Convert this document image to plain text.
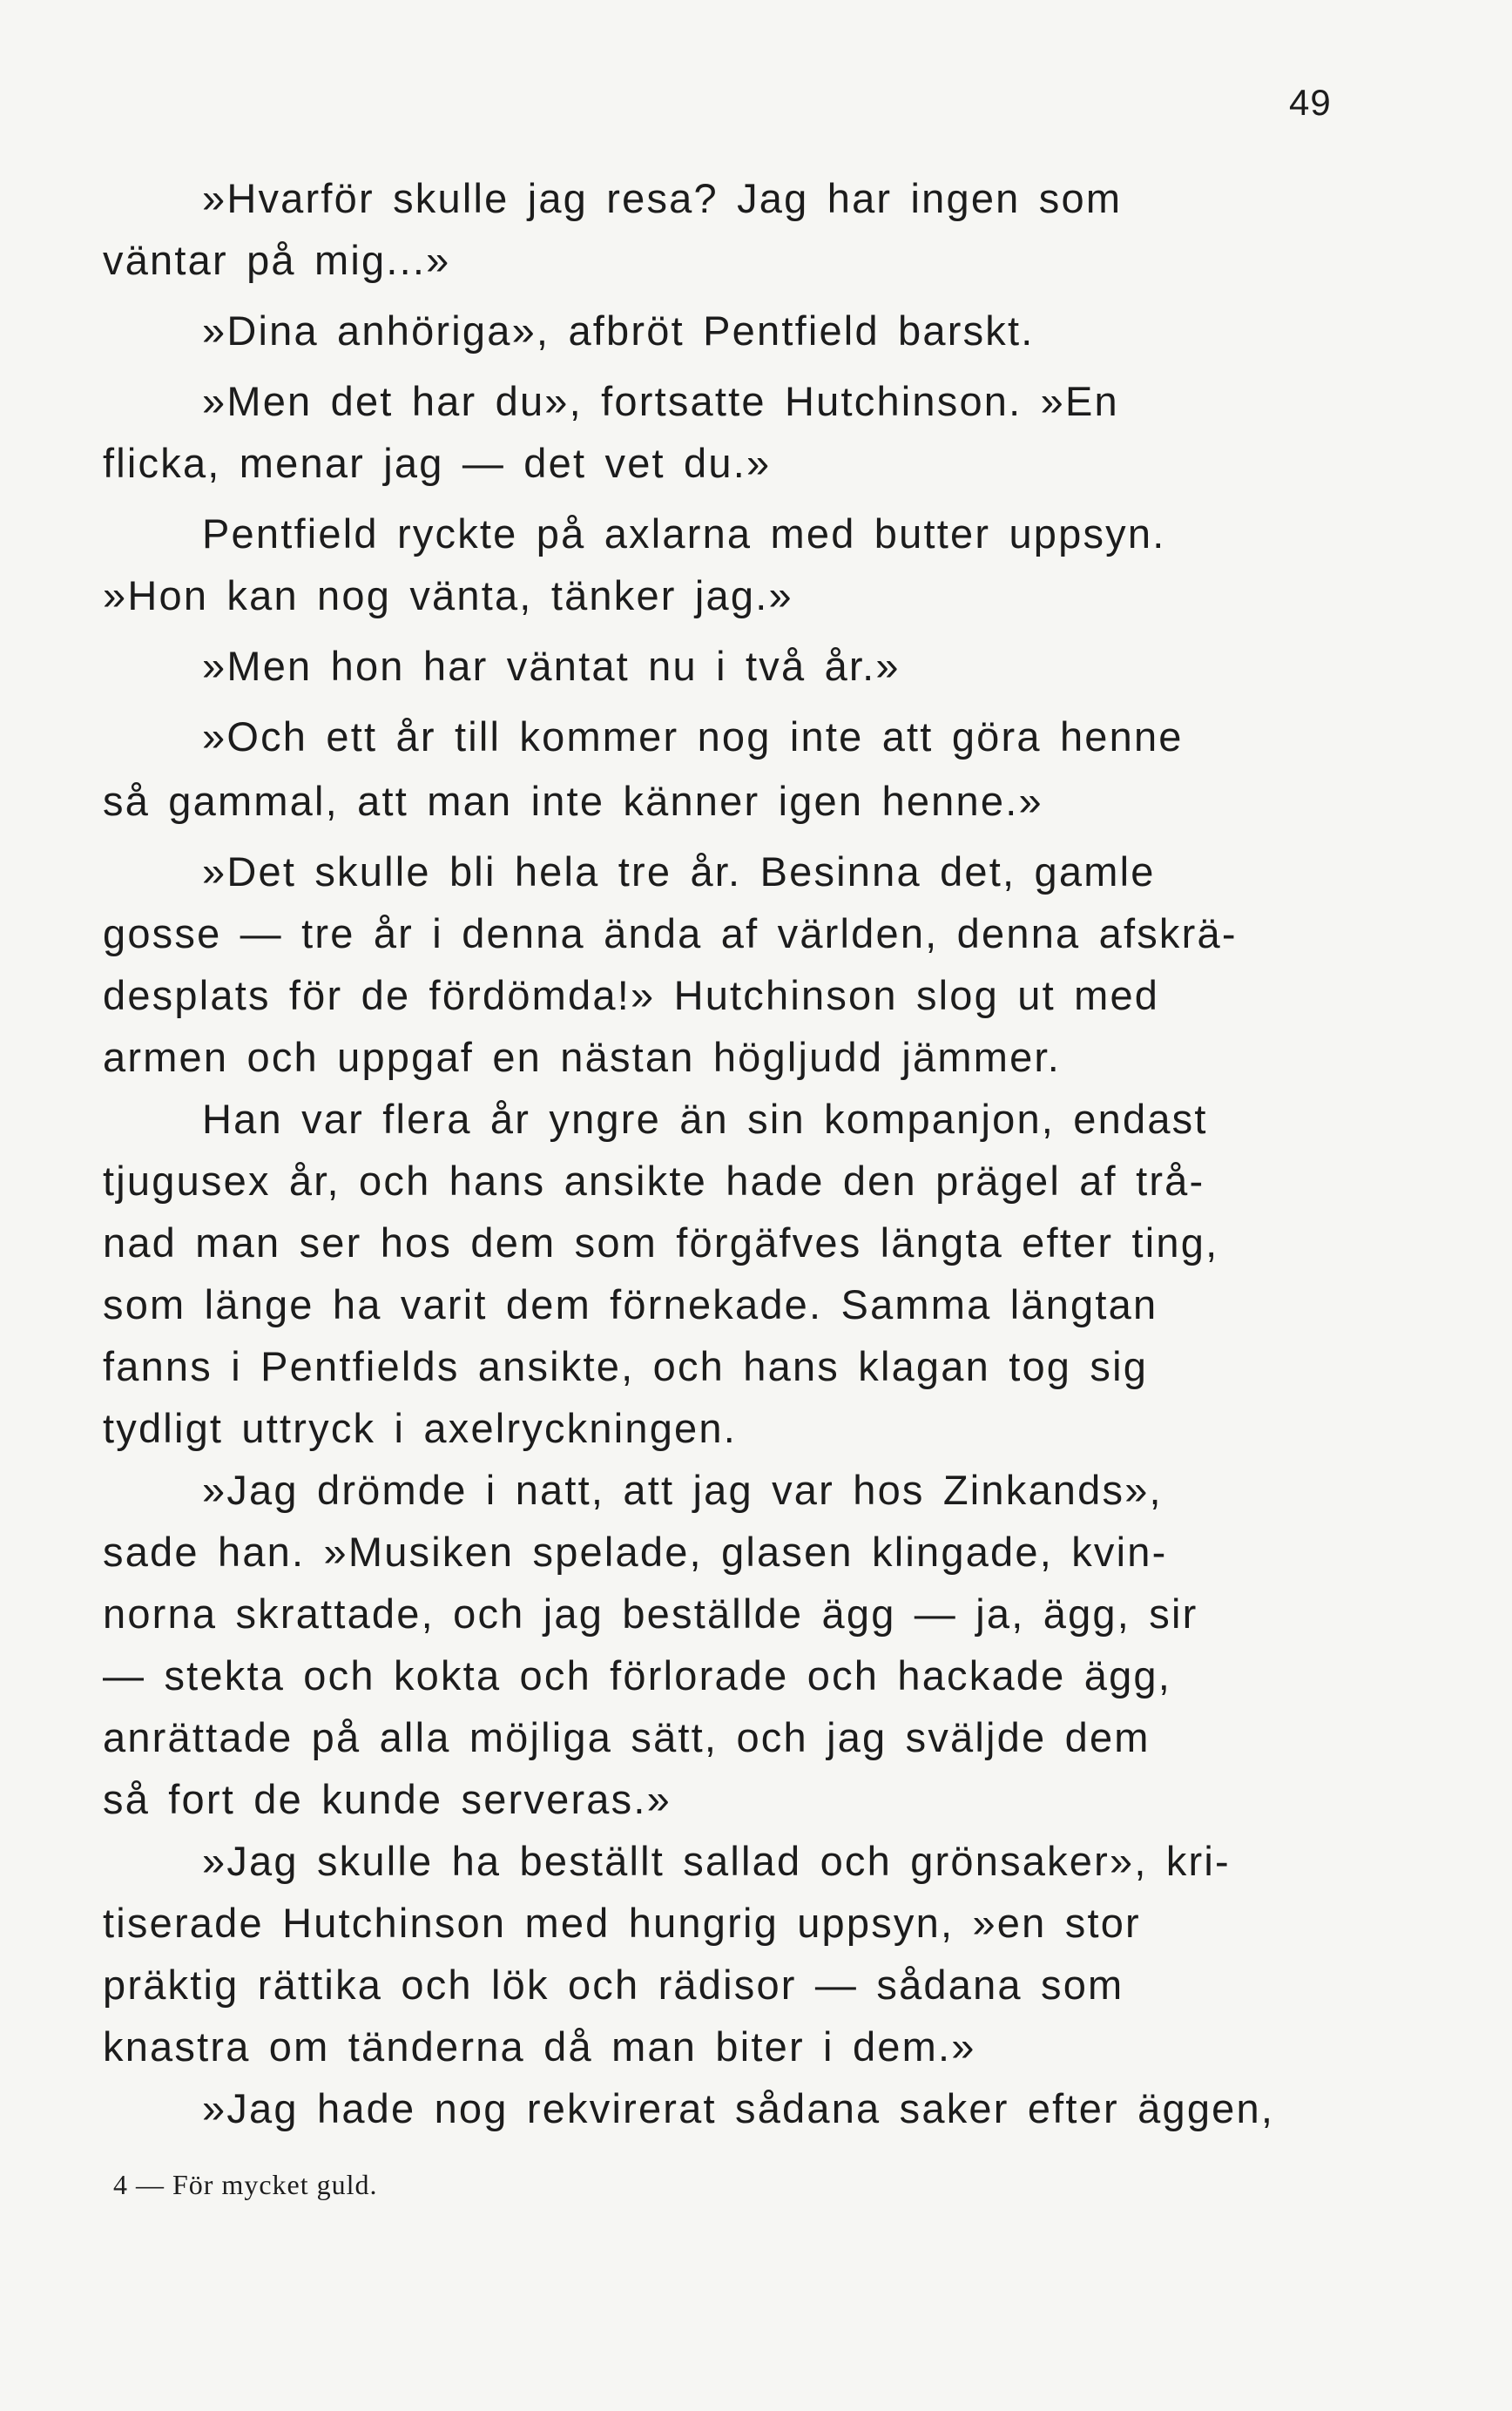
49
»Hvarför skulle jag resa? Jag har ingen som
väntar på mig...»
»Dina anhöriga», afbröt Pentfield barskt.
»Men det har du», fortsatte Hutchinson. »En
flicka, menar jag — det vet du.»
Pentfield ryckte på axlarna med butter uppsyn.
»Hon kan nog vänta, tänker jag.»
»Men hon har väntat nu i två år.»
»Och ett år till kommer nog inte att göra henne
så gammal, att man inte känner igen henne.»
»Det skulle bli hela tre år. Besinna det, gamle
gosse — tre år i denna ända af världen, denna afskrä-
desplats för de fördömda!» Hutchinson slog ut med
armen och uppgaf en nästan högljudd jämmer.
Han var flera år yngre än sin kompanjon, endast
tjugusex år, och hans ansikte hade den prägel af trå-
nad man ser hos dem som förgäfves längta efter ting,
som länge ha varit dem förnekade. Samma längtan
fanns i Pentfields ansikte, och hans klagan tog sig
tydligt uttryck i axelryckningen.
»Jag drömde i natt, att jag var hos Zinkands»,
sade han. »Musiken spelade, glasen klingade, kvin-
norna skrattade, och jag beställde ägg — ja, ägg, sir
— stekta och kokta och förlorade och hackade ägg,
anrättade på alla möjliga sätt, och jag sväljde dem
så fort de kunde serveras.»
»Jag skulle ha beställt sallad och grönsaker», kri-
tiserade Hutchinson med hungrig uppsyn, »en stor
präktig rättika och lök och rädisor — sådana som
knastra om tänderna då man biter i dem.»
»Jag hade nog rekvirerat sådana saker efter äggen,
4 — För mycket guld.
